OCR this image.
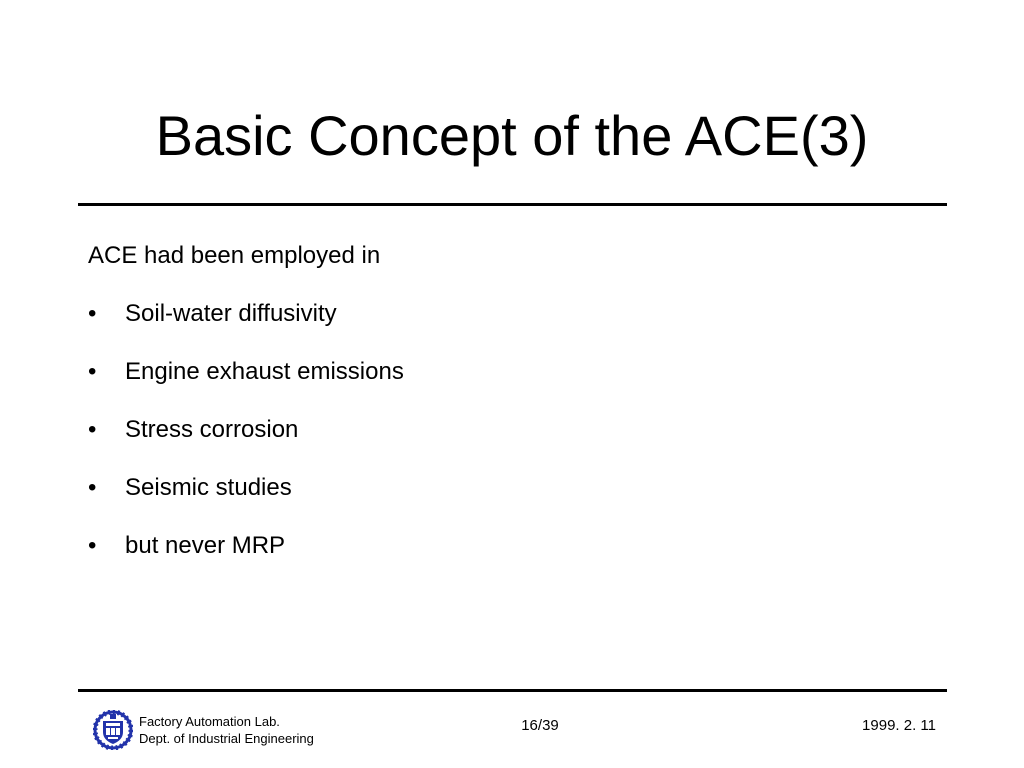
Basic Concept of the ACE(3)

ACE had been employed in

• Soil-water diffusivity
• Engine exhaust emissions
• Stress corrosion
• Seismic studies
• but never MRP
Factory Automation Lab.
Dept. of Industrial Engineering
16/39	1999. 2. 11
